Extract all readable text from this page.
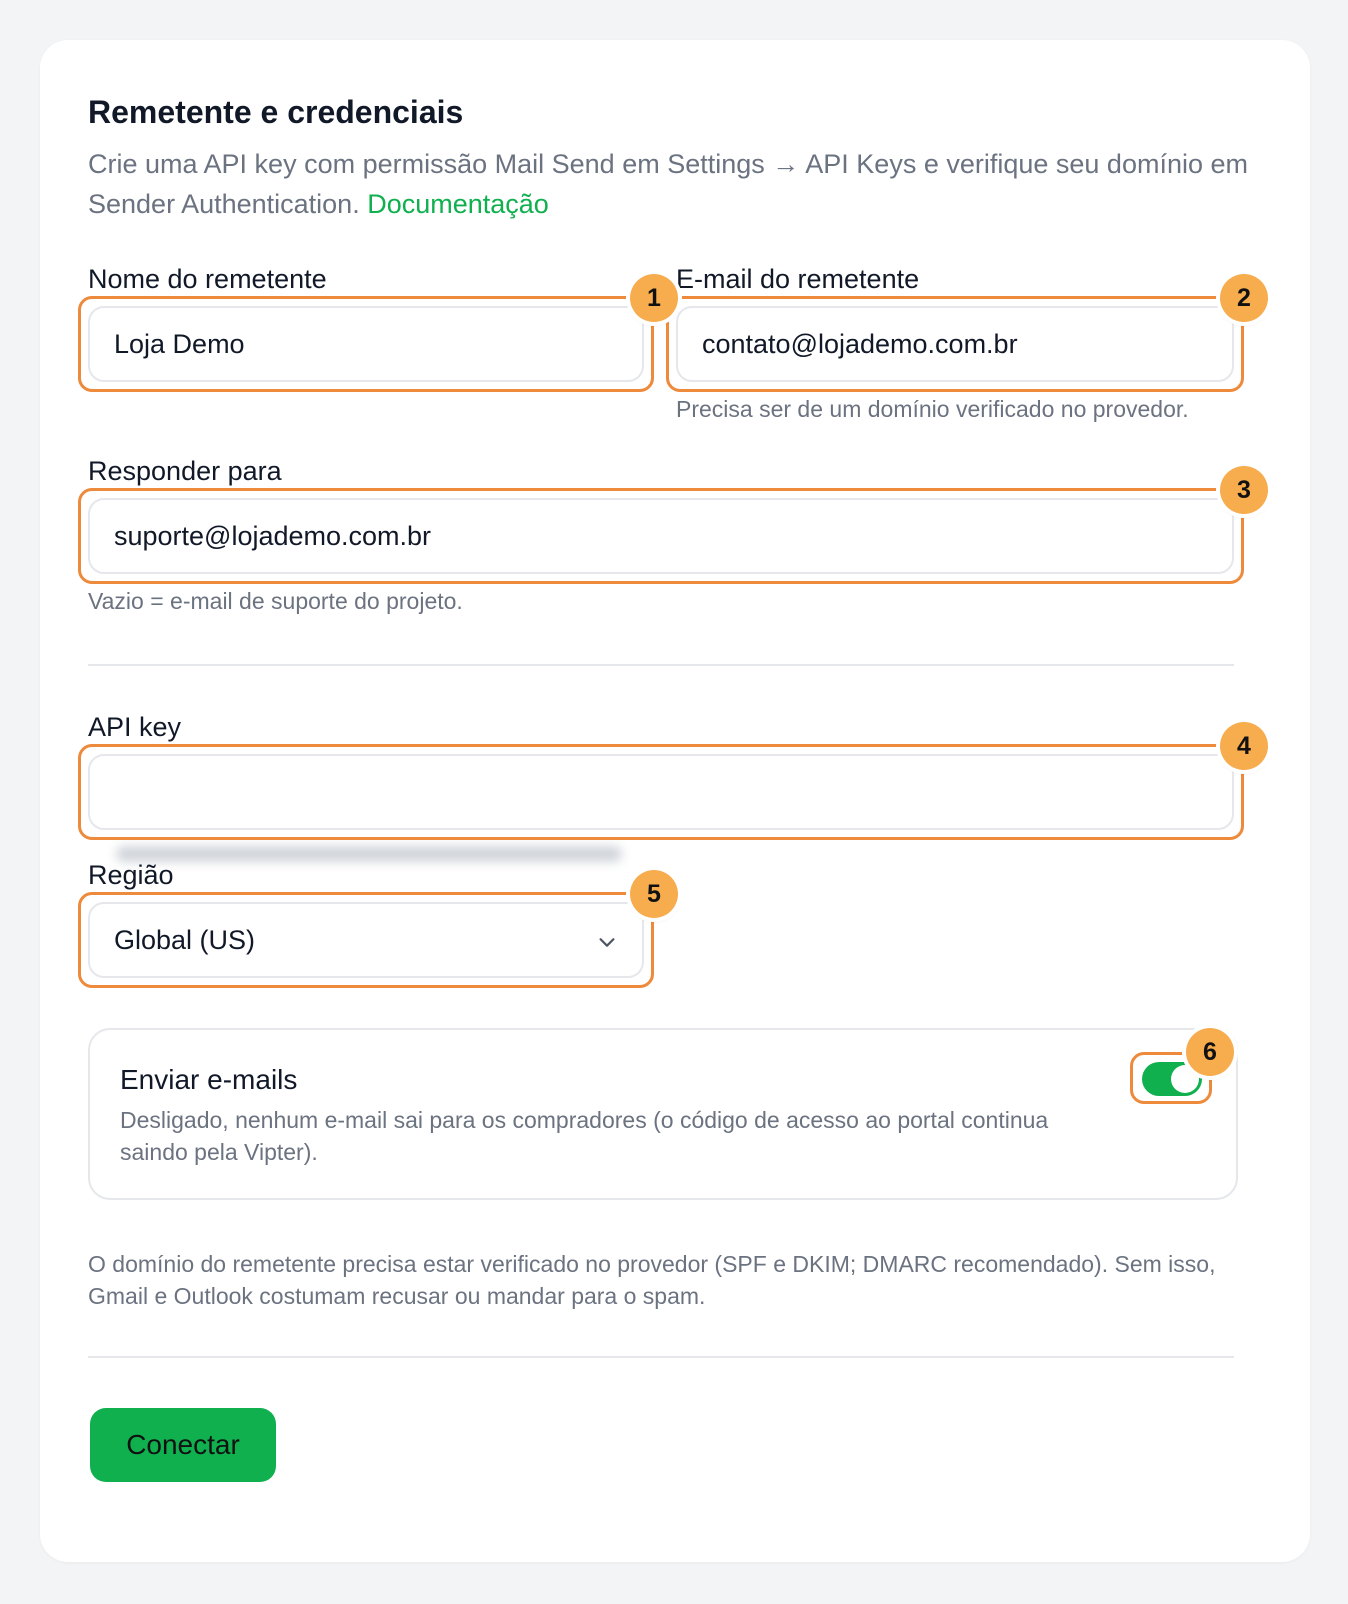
Remetente e credenciais

Crie uma API key com permissão Mail Send em Settings → API Keys e verifique seu domínio em Sender Authentication. Documentação

Nome do remetente
Loja Demo	E-mail do remetente
contato@lojademo.com.br
Precisa ser de um domínio verificado no provedor.
Responder para
suporte@lojademo.com.br
Vazio = e-mail de suporte do projeto.
API key
Região
Global (US)
Enviar e-mails

Desligado, nenhum e-mail sai para os compradores (o código de acesso ao portal continua saindo pela Vipter).

O domínio do remetente precisa estar verificado no provedor (SPF e DKIM; DMARC recomendado). Sem isso, Gmail e Outlook costumam recusar ou mandar para o spam.

Conectar
1	2
3
4
5
6
